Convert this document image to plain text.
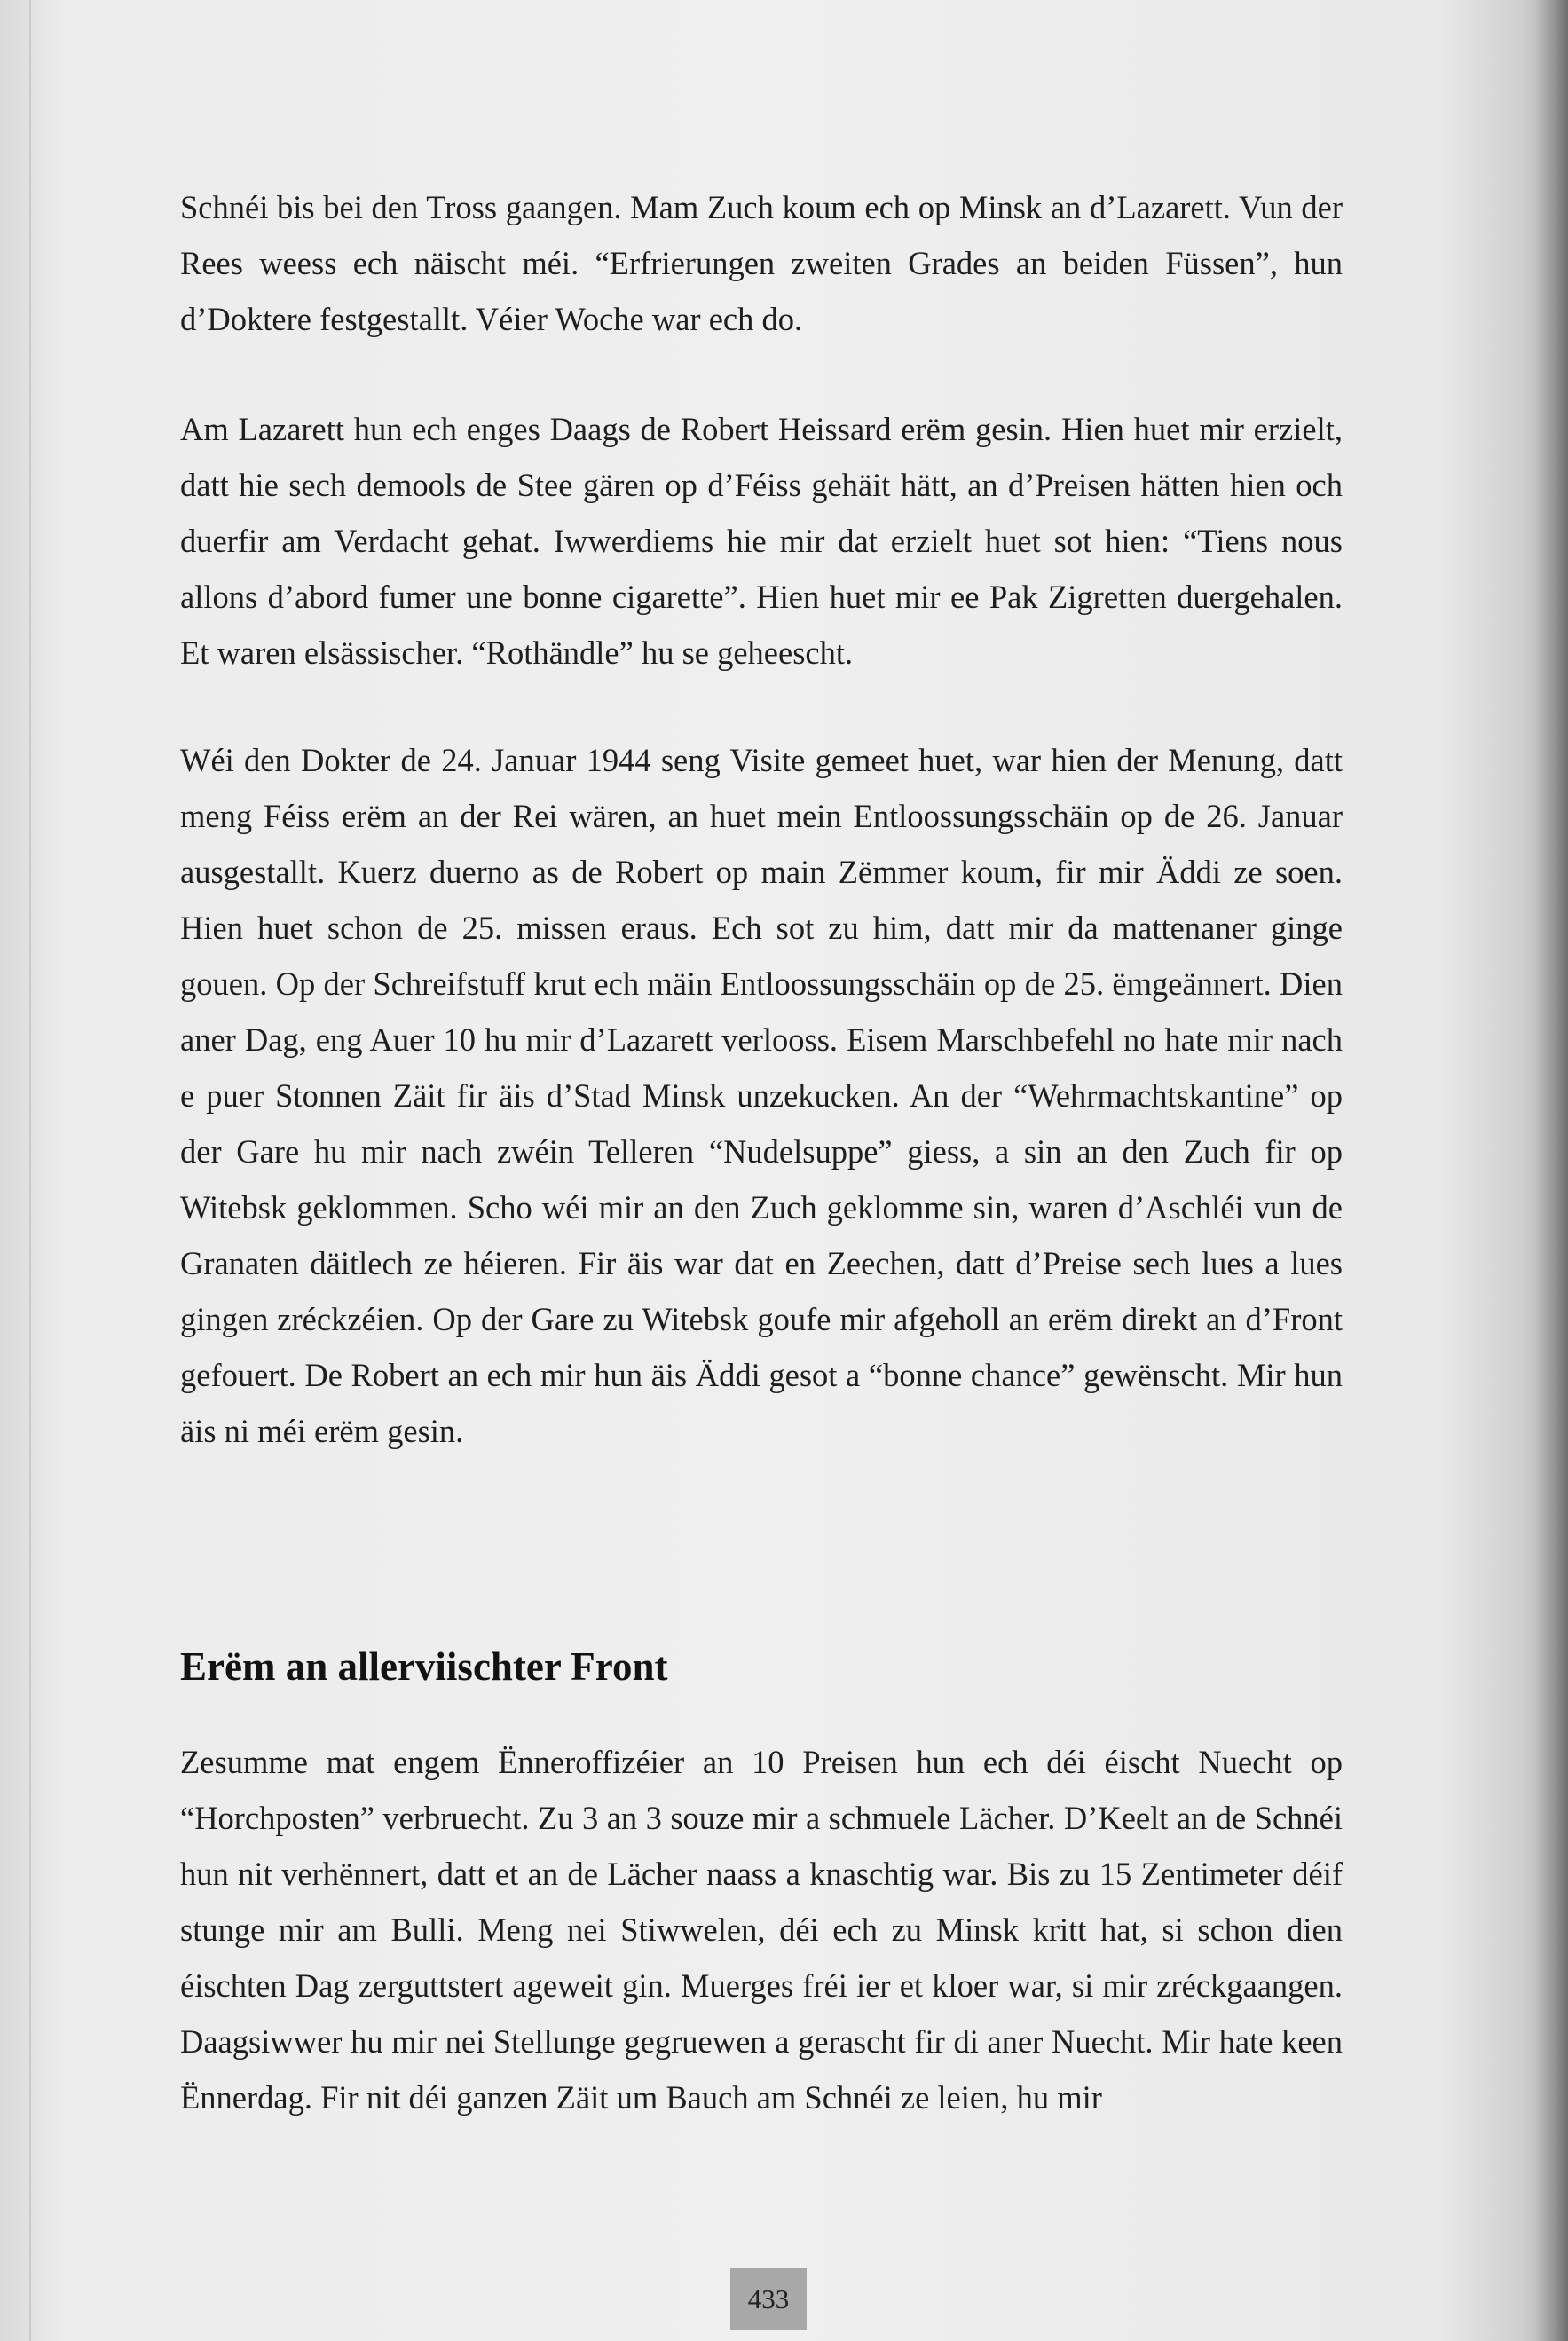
Schnéi bis bei den Tross gaangen. Mam Zuch koum ech op Minsk an d’Lazarett. Vun der Rees weess ech näischt méi. “Erfrierungen zweiten Grades an beiden Füssen”, hun d’Doktere festgestallt. Véier Woche war ech do.

Am Lazarett hun ech enges Daags de Robert Heissard erëm gesin. Hien huet mir erzielt, datt hie sech demools de Stee gären op d’Féiss gehäit hätt, an d’Preisen hätten hien och duerfir am Verdacht gehat. Iwwerdiems hie mir dat erzielt huet sot hien: “Tiens nous allons d’abord fumer une bonne cigarette”. Hien huet mir ee Pak Zigretten duergehalen. Et waren elsässischer. “Rothändle” hu se geheescht.

Wéi den Dokter de 24. Januar 1944 seng Visite gemeet huet, war hien der Menung, datt meng Féiss erëm an der Rei wären, an huet mein Entloossungsschäin op de 26. Januar ausgestallt. Kuerz duerno as de Robert op main Zëmmer koum, fir mir Äddi ze soen. Hien huet schon de 25. missen eraus. Ech sot zu him, datt mir da mattenaner ginge gouen. Op der Schreifstuff krut ech mäin Entloossungsschäin op de 25. ëmgeännert. Dien aner Dag, eng Auer 10 hu mir d’Lazarett verlooss. Eisem Marschbefehl no hate mir nach e puer Stonnen Zäit fir äis d’Stad Minsk unzekucken. An der “Wehrmachtskantine” op der Gare hu mir nach zwéin Telleren “Nudelsuppe” giess, a sin an den Zuch fir op Witebsk geklommen. Scho wéi mir an den Zuch geklomme sin, waren d’Aschléi vun de Granaten däitlech ze héieren. Fir äis war dat en Zeechen, datt d’Preise sech lues a lues gingen zréckzéien. Op der Gare zu Witebsk goufe mir afgeholl an erëm direkt an d’Front gefouert. De Robert an ech mir hun äis Äddi gesot a “bonne chance” gewënscht. Mir hun äis ni méi erëm gesin.

Erëm an allerviischter Front

Zesumme mat engem Ënneroffizéier an 10 Preisen hun ech déi éischt Nuecht op “Horchposten” verbruecht. Zu 3 an 3 souze mir a schmuele Lächer. D’Keelt an de Schnéi hun nit verhënnert, datt et an de Lächer naass a knaschtig war. Bis zu 15 Zentimeter déif stunge mir am Bulli. Meng nei Stiwwelen, déi ech zu Minsk kritt hat, si schon dien éischten Dag zerguttstert ageweit gin. Muerges fréi ier et kloer war, si mir zréckgaangen. Daagsiwwer hu mir nei Stellunge gegruewen a gerascht fir di aner Nuecht. Mir hate keen Ënnerdag. Fir nit déi ganzen Zäit um Bauch am Schnéi ze leien, hu mir

433
